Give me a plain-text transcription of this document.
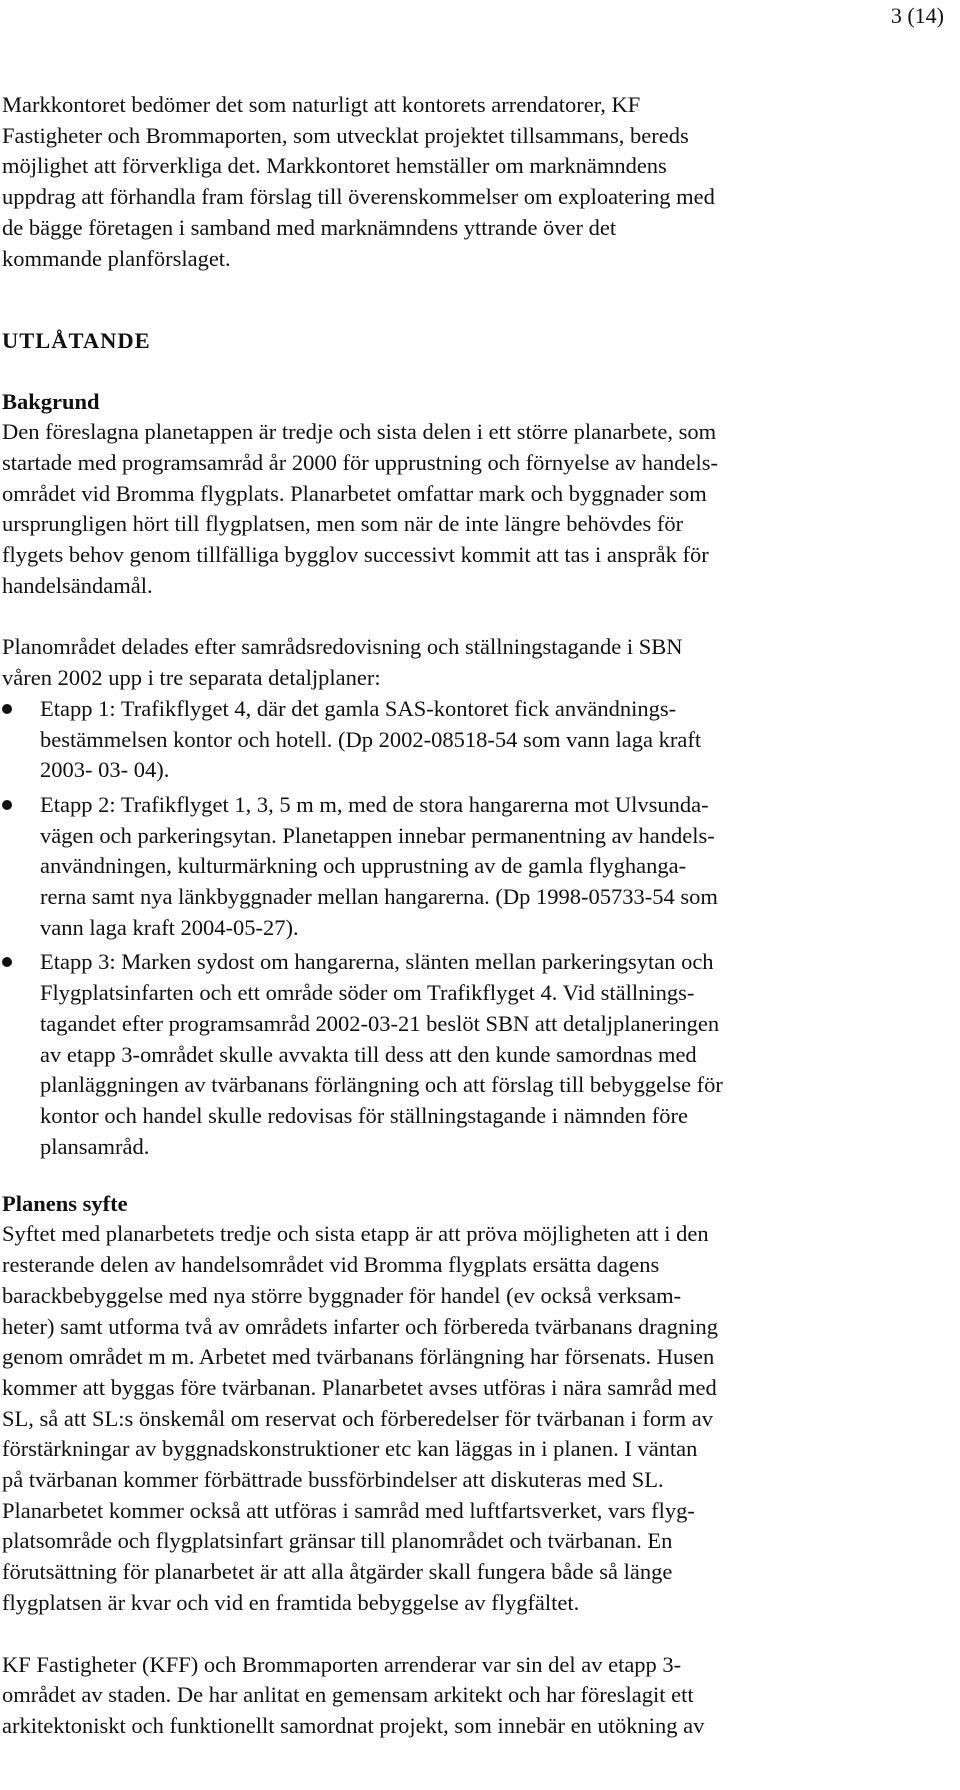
3 (14)

Markkontoret bedömer det som naturligt att kontorets arrendatorer, KF
Fastigheter och Brommaporten, som utvecklat projektet tillsammans, bereds
möjlighet att förverkliga det. Markkontoret hemställer om marknämndens
uppdrag att förhandla fram förslag till överenskommelser om exploatering med
de bägge företagen i samband med marknämndens yttrande över det
kommande planförslaget.

UTLÅTANDE
Bakgrund

Den föreslagna planetappen är tredje och sista delen i ett större planarbete, som
startade med programsamråd år 2000 för upprustning och förnyelse av handels-
området vid Bromma flygplats. Planarbetet omfattar mark och byggnader som
ursprungligen hört till flygplatsen, men som när de inte längre behövdes för
flygets behov genom tillfälliga bygglov successivt kommit att tas i anspråk för
handelsändamål.

Planområdet delades efter samrådsredovisning och ställningstagande i SBN
våren 2002 upp i tre separata detaljplaner:

Etapp 1: Trafikflyget 4, där det gamla SAS-kontoret fick användnings-
bestämmelsen kontor och hotell. (Dp 2002-08518-54 som vann laga kraft
2003- 03- 04).
Etapp 2: Trafikflyget 1, 3, 5 m m, med de stora hangarerna mot Ulvsunda-
vägen och parkeringsytan. Planetappen innebar permanentning av handels-
användningen, kulturmärkning och upprustning av de gamla flyghanga-
rerna samt nya länkbyggnader mellan hangarerna. (Dp 1998-05733-54 som
vann laga kraft 2004-05-27).
Etapp 3: Marken sydost om hangarerna, slänten mellan parkeringsytan och
Flygplatsinfarten och ett område söder om Trafikflyget 4. Vid ställnings-
tagandet efter programsamråd 2002-03-21 beslöt SBN att detaljplaneringen
av etapp 3-området skulle avvakta till dess att den kunde samordnas med
planläggningen av tvärbanans förlängning och att förslag till bebyggelse för
kontor och handel skulle redovisas för ställningstagande i nämnden före
plansamråd.
Planens syfte

Syftet med planarbetets tredje och sista etapp är att pröva möjligheten att i den
resterande delen av handelsområdet vid Bromma flygplats ersätta dagens
barackbebyggelse med nya större byggnader för handel (ev också verksam-
heter) samt utforma två av områdets infarter och förbereda tvärbanans dragning
genom området m m. Arbetet med tvärbanans förlängning har försenats. Husen
kommer att byggas före tvärbanan. Planarbetet avses utföras i nära samråd med
SL, så att SL:s önskemål om reservat och förberedelser för tvärbanan i form av
förstärkningar av byggnadskonstruktioner etc kan läggas in i planen. I väntan
på tvärbanan kommer förbättrade bussförbindelser att diskuteras med SL.
Planarbetet kommer också att utföras i samråd med luftfartsverket, vars flyg-
platsområde och flygplatsinfart gränsar till planområdet och tvärbanan. En
förutsättning för planarbetet är att alla åtgärder skall fungera både så länge
flygplatsen är kvar och vid en framtida bebyggelse av flygfältet.

KF Fastigheter (KFF) och Brommaporten arrenderar var sin del av etapp 3-
området av staden. De har anlitat en gemensam arkitekt och har föreslagit ett
arkitektoniskt och funktionellt samordnat projekt, som innebär en utökning av
